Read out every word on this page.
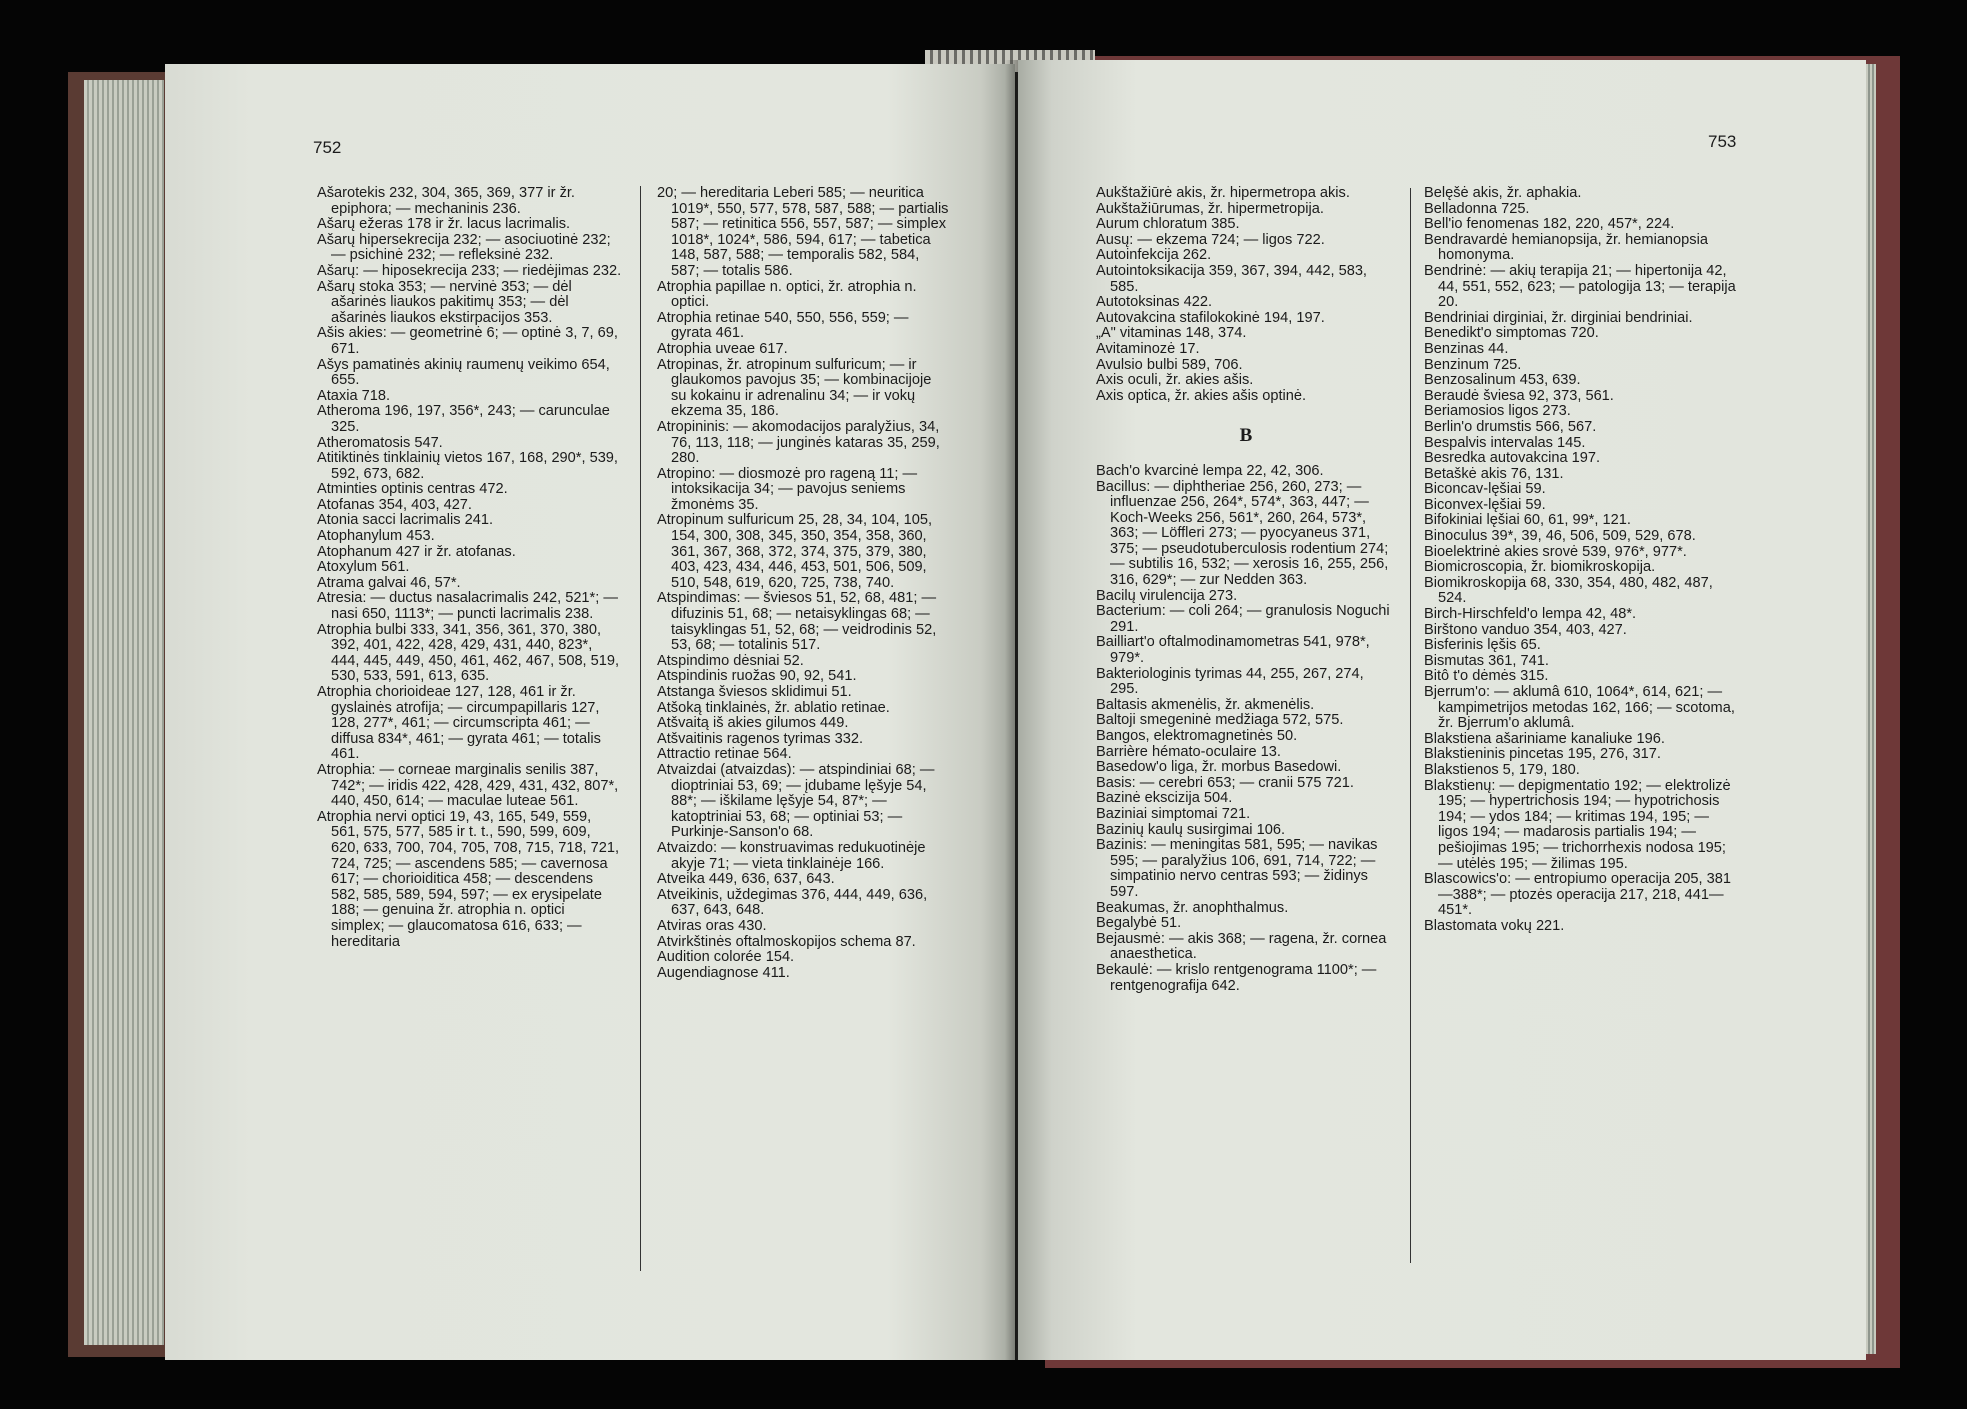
752

Ašarotekis 232, 304, 365, 369, 377 ir žr. epiphora; — mechaninis 236.

Ašarų ežeras 178 ir žr. lacus lacrimalis.

Ašarų hipersekrecija 232; — asociuotinė 232; — psichinė 232; — refleksinė 232.

Ašarų: — hiposekrecija 233; — riedėjimas 232.

Ašarų stoka 353; — nervinė 353; — dėl ašarinės liaukos pakitimų 353; — dėl ašarinės liaukos ekstirpacijos 353.

Ašis akies: — geometrinė 6; — optinė 3, 7, 69, 671.

Ašys pamatinės akinių raumenų veikimo 654, 655.

Ataxia 718.

Atheroma 196, 197, 356*, 243; — carunculae 325.

Atheromatosis 547.

Atitiktinės tinklainių vietos 167, 168, 290*, 539, 592, 673, 682.

Atminties optinis centras 472.

Atofanas 354, 403, 427.

Atonia sacci lacrimalis 241.

Atophanylum 453.

Atophanum 427 ir žr. atofanas.

Atoxylum 561.

Atrama galvai 46, 57*.

Atresia: — ductus nasalacrimalis 242, 521*; — nasi 650, 1113*; — puncti lacrimalis 238.

Atrophia bulbi 333, 341, 356, 361, 370, 380, 392, 401, 422, 428, 429, 431, 440, 823*, 444, 445, 449, 450, 461, 462, 467, 508, 519, 530, 533, 591, 613, 635.

Atrophia chorioideae 127, 128, 461 ir žr. gyslainės atrofija; — circumpapillaris 127, 128, 277*, 461; — circumscripta 461; — diffusa 834*, 461; — gyrata 461; — totalis 461.

Atrophia: — corneae marginalis senilis 387, 742*; — iridis 422, 428, 429, 431, 432, 807*, 440, 450, 614; — maculae luteae 561.

Atrophia nervi optici 19, 43, 165, 549, 559, 561, 575, 577, 585 ir t. t., 590, 599, 609, 620, 633, 700, 704, 705, 708, 715, 718, 721, 724, 725; — ascendens 585; — cavernosa 617; — chorioiditica 458; — descendens 582, 585, 589, 594, 597; — ex erysipelate 188; — genuina žr. atrophia n. optici simplex; — glaucomatosa 616, 633; — hereditaria

20; — hereditaria Leberi 585; — neuritica 1019*, 550, 577, 578, 587, 588; — partialis 587; — retinitica 556, 557, 587; — simplex 1018*, 1024*, 586, 594, 617; — tabetica 148, 587, 588; — temporalis 582, 584, 587; — totalis 586.

Atrophia papillae n. optici, žr. atrophia n. optici.

Atrophia retinae 540, 550, 556, 559; — gyrata 461.

Atrophia uveae 617.

Atropinas, žr. atropinum sulfuricum; — ir glaukomos pavojus 35; — kombinacijoje su kokainu ir adrenalinu 34; — ir vokų ekzema 35, 186.

Atropininis: — akomodacijos paralyžius, 34, 76, 113, 118; — junginės kataras 35, 259, 280.

Atropino: — diosmozė pro rageną 11; — intoksikacija 34; — pavojus seniems žmonėms 35.

Atropinum sulfuricum 25, 28, 34, 104, 105, 154, 300, 308, 345, 350, 354, 358, 360, 361, 367, 368, 372, 374, 375, 379, 380, 403, 423, 434, 446, 453, 501, 506, 509, 510, 548, 619, 620, 725, 738, 740.

Atspindimas: — šviesos 51, 52, 68, 481; — difuzinis 51, 68; — netaisyklingas 68; — taisyklingas 51, 52, 68; — veidrodinis 52, 53, 68; — totalinis 517.

Atspindimo dėsniai 52.

Atspindinis ruožas 90, 92, 541.

Atstanga šviesos sklidimui 51.

Atšoką tinklainės, žr. ablatio retinae.

Atšvaitą iš akies gilumos 449.

Atšvaitinis ragenos tyrimas 332.

Attractio retinae 564.

Atvaizdai (atvaizdas): — atspindiniai 68; — dioptriniai 53, 69; — įdubame lęšyje 54, 88*; — iškilame lęšyje 54, 87*; — katoptriniai 53, 68; — optiniai 53; — Purkinje-Sanson'o 68.

Atvaizdo: — konstruavimas redukuotinėje akyje 71; — vieta tinklainėje 166.

Atveika 449, 636, 637, 643.

Atveikinis, uždegimas 376, 444, 449, 636, 637, 643, 648.

Atviras oras 430.

Atvirkštinės oftalmoskopijos schema 87.

Audition colorée 154.

Augendiagnose 411.

753

Aukštažiūrė akis, žr. hipermetropa akis.

Aukštažiūrumas, žr. hipermetropija.

Aurum chloratum 385.

Ausų: — ekzema 724; — ligos 722.

Autoinfekcija 262.

Autointoksikacija 359, 367, 394, 442, 583, 585.

Autotoksinas 422.

Autovakcina stafilokokinė 194, 197.

„A" vitaminas 148, 374.

Avitaminozė 17.

Avulsio bulbi 589, 706.

Axis oculi, žr. akies ašis.

Axis optica, žr. akies ašis optinė.

B

Bach'o kvarcinė lempa 22, 42, 306.

Bacillus: — diphtheriae 256, 260, 273; — influenzae 256, 264*, 574*, 363, 447; — Koch-Weeks 256, 561*, 260, 264, 573*, 363; — Löffleri 273; — pyocyaneus 371, 375; — pseudotuberculosis rodentium 274; — subtilis 16, 532; — xerosis 16, 255, 256, 316, 629*; — zur Nedden 363.

Bacilų virulencija 273.

Bacterium: — coli 264; — granulosis Noguchi 291.

Bailliart'o oftalmodinamometras 541, 978*, 979*.

Bakteriologinis tyrimas 44, 255, 267, 274, 295.

Baltasis akmenėlis, žr. akmenėlis.

Baltoji smegeninė medžiaga 572, 575.

Bangos, elektromagnetinės 50.

Barrière hémato-oculaire 13.

Basedow'o liga, žr. morbus Basedowi.

Basis: — cerebri 653; — cranii 575 721.

Bazinė ekscizija 504.

Baziniai simptomai 721.

Bazinių kaulų susirgimai 106.

Bazinis: — meningitas 581, 595; — navikas 595; — paralyžius 106, 691, 714, 722; — simpatinio nervo centras 593; — židinys 597.

Beakumas, žr. anophthalmus.

Begalybė 51.

Bejausmė: — akis 368; — ragena, žr. cornea anaesthetica.

Bekaulė: — krislo rentgenograma 1100*; — rentgenografija 642.

Belęšė akis, žr. aphakia.

Belladonna 725.

Bell'io fenomenas 182, 220, 457*, 224.

Bendravardė hemianopsija, žr. hemianopsia homonyma.

Bendrinė: — akių terapija 21; — hipertonija 42, 44, 551, 552, 623; — patologija 13; — terapija 20.

Bendriniai dirginiai, žr. dirginiai bendriniai.

Benedikt'o simptomas 720.

Benzinas 44.

Benzinum 725.

Benzosalinum 453, 639.

Beraudė šviesa 92, 373, 561.

Beriamosios ligos 273.

Berlin'o drumstis 566, 567.

Bespalvis intervalas 145.

Besredka autovakcina 197.

Betaškė akis 76, 131.

Biconcav-lęšiai 59.

Biconvex-lęšiai 59.

Bifokiniai lęšiai 60, 61, 99*, 121.

Binoculus 39*, 39, 46, 506, 509, 529, 678.

Bioelektrinė akies srovė 539, 976*, 977*.

Biomicroscopia, žr. biomikroskopija.

Biomikroskopija 68, 330, 354, 480, 482, 487, 524.

Birch-Hirschfeld'o lempa 42, 48*.

Birštono vanduo 354, 403, 427.

Bisferinis lęšis 65.

Bismutas 361, 741.

Bitô t'o dėmės 315.

Bjerrum'o: — aklumâ 610, 1064*, 614, 621; — kampimetrijos metodas 162, 166; — scotoma, žr. Bjerrum'o aklumâ.

Blakstiena ašariniame kanaliuke 196.

Blakstieninis pincetas 195, 276, 317.

Blakstienos 5, 179, 180.

Blakstienų: — depigmentatio 192; — elektrolizė 195; — hypertrichosis 194; — hypotrichosis 194; — ydos 184; — kritimas 194, 195; — ligos 194; — madarosis partialis 194; — pešiojimas 195; — trichorrhexis nodosa 195; — utėlės 195; — žilimas 195.

Blascowics'o: — entropiumo operacija 205, 381—388*; — ptozės operacija 217, 218, 441—451*.

Blastomata vokų 221.
